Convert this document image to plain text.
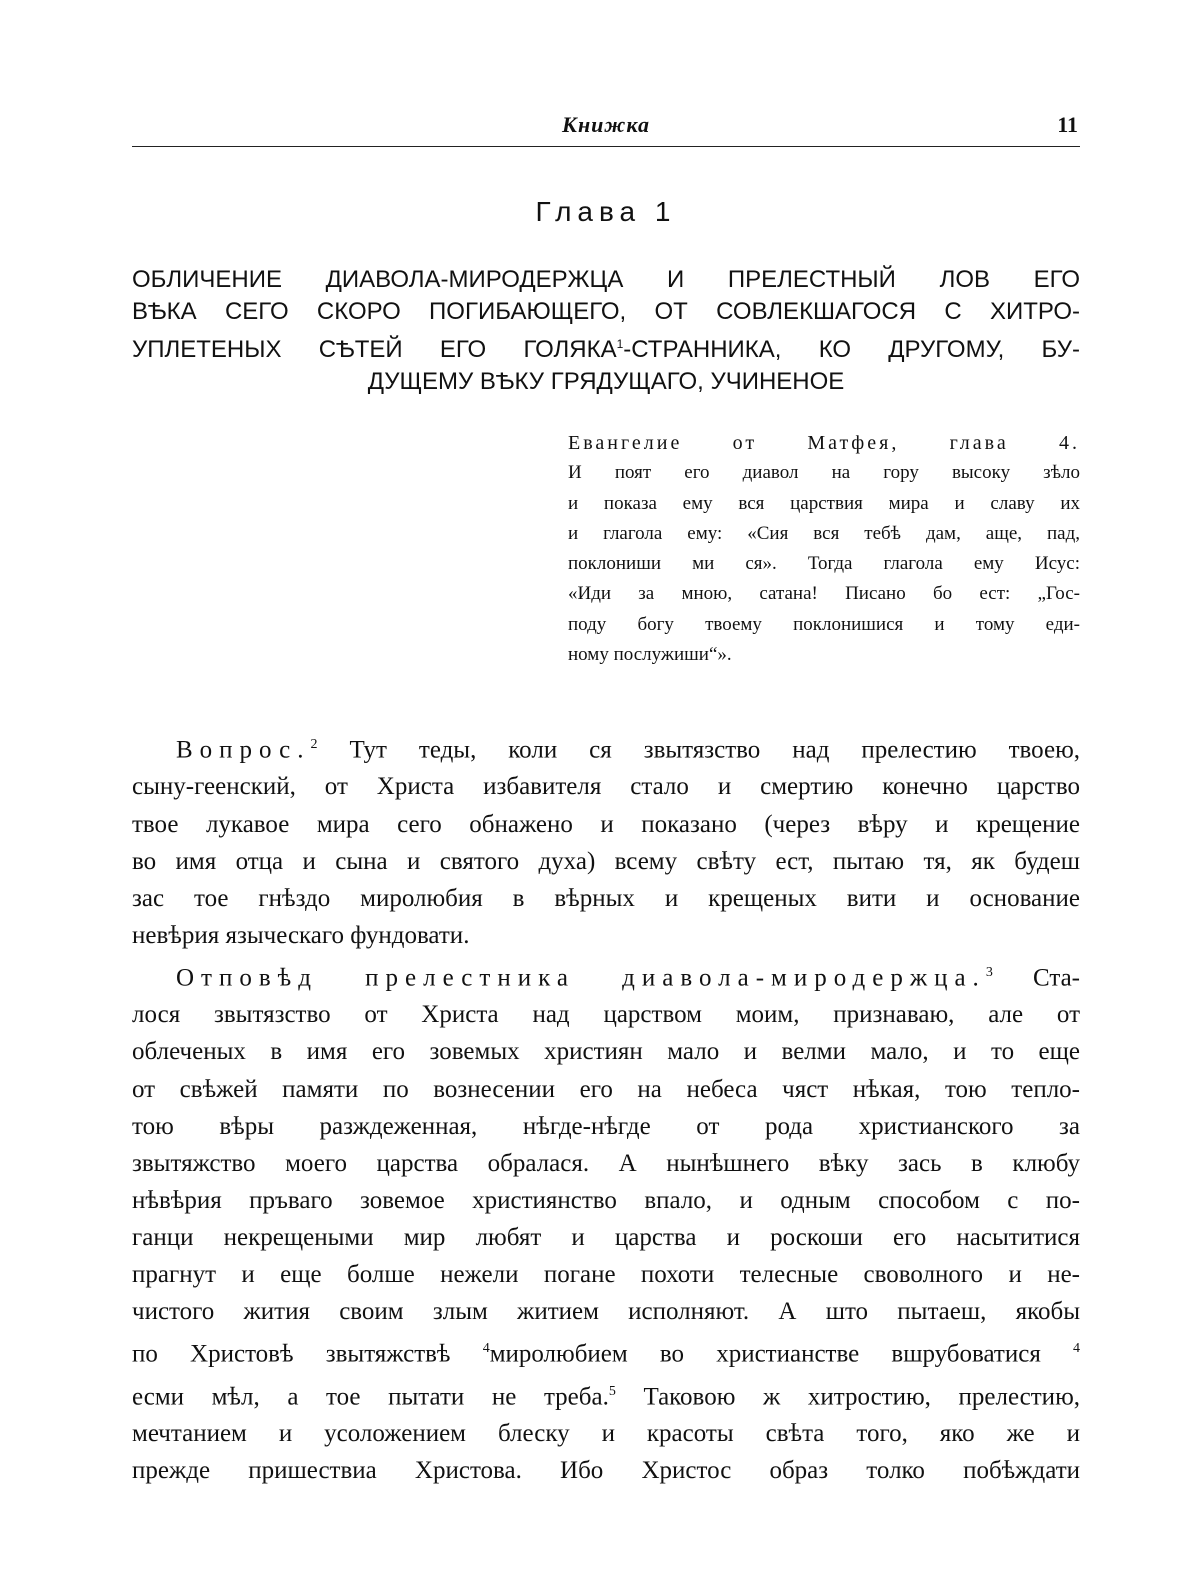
Книжка	11
Глава 1
ОБЛИЧЕНИЕ ДИАВОЛА-МИРОДЕРЖЦА И ПРЕЛЕСТНЫЙ ЛОВ ЕГО
ВѢКА СЕГО СКОРО ПОГИБАЮЩЕГО, ОТ СОВЛЕКШАГОСЯ С ХИТРО-
УПЛЕТЕНЫХ СѢТЕЙ ЕГО ГОЛЯКА$^1$-СТРАННИКА, КО ДРУГОМУ, БУ-
ДУЩЕМУ ВѢКУ ГРЯДУЩАГО, УЧИНЕНОЕ
Евангелие от Матфея, глава 4.
И поят его диавол на гору высоку зѣло
и показа ему вся царствия мира и славу их
и глагола ему: «Сия вся тебѣ дам, аще, пад,
поклониши ми ся». Тогда глагола ему Исус:
«Иди за мною, сатана! Писано бо ест: „Гос-
поду богу твоему поклонишися и тому еди-
ному послужиши“».
Вопрос.$^2$ Тут теды, коли ся звытязство над прелестию твоею,
сыну-геенский, от Христа избавителя стало и смертию конечно царство
твое лукавое мира сего обнажено и показано (через вѣру и крещение
во имя отца и сына и святого духа) всему свѣту ест, пытаю тя, як будеш
зас тое гнѣздо миролюбия в вѣрных и крещеных вити и основание
невѣрия языческаго фундовати.
Отповѣд прелестника диавола-миродержца.$^3$ Ста-
лося звытязство от Христа над царством моим, признаваю, але от
облеченых в имя его зовемых християн мало и велми мало, и то еще
от свѣжей памяти по вознесении его на небеса чяст нѣкая, тою тепло-
тою вѣры разждеженная, нѣгде-нѣгде от рода христианского за
звытяжство моего царства обралася. А нынѣшнего вѣку зась в клюбу
нѣвѣрия пръваго зовемое християнство впало, и одным способом с по-
ганци некрещеными мир любят и царства и роскоши его насытитися
прагнут и еще болше нежели погане похоти телесные своволного и не-
чистого жития своим злым житием исполняют. А што пытаеш, якобы
по Христовѣ звытяжствѣ $^4$миролюбием во христианстве вшрубоватися $^4$
есми мѣл, а тое пытати не треба.$^5$ Таковою ж хитростию, прелестию,
мечтанием и усоложением блеску и красоты свѣта того, яко же и
прежде пришествиа Христова. Ибо Христос образ толко побѣждати
